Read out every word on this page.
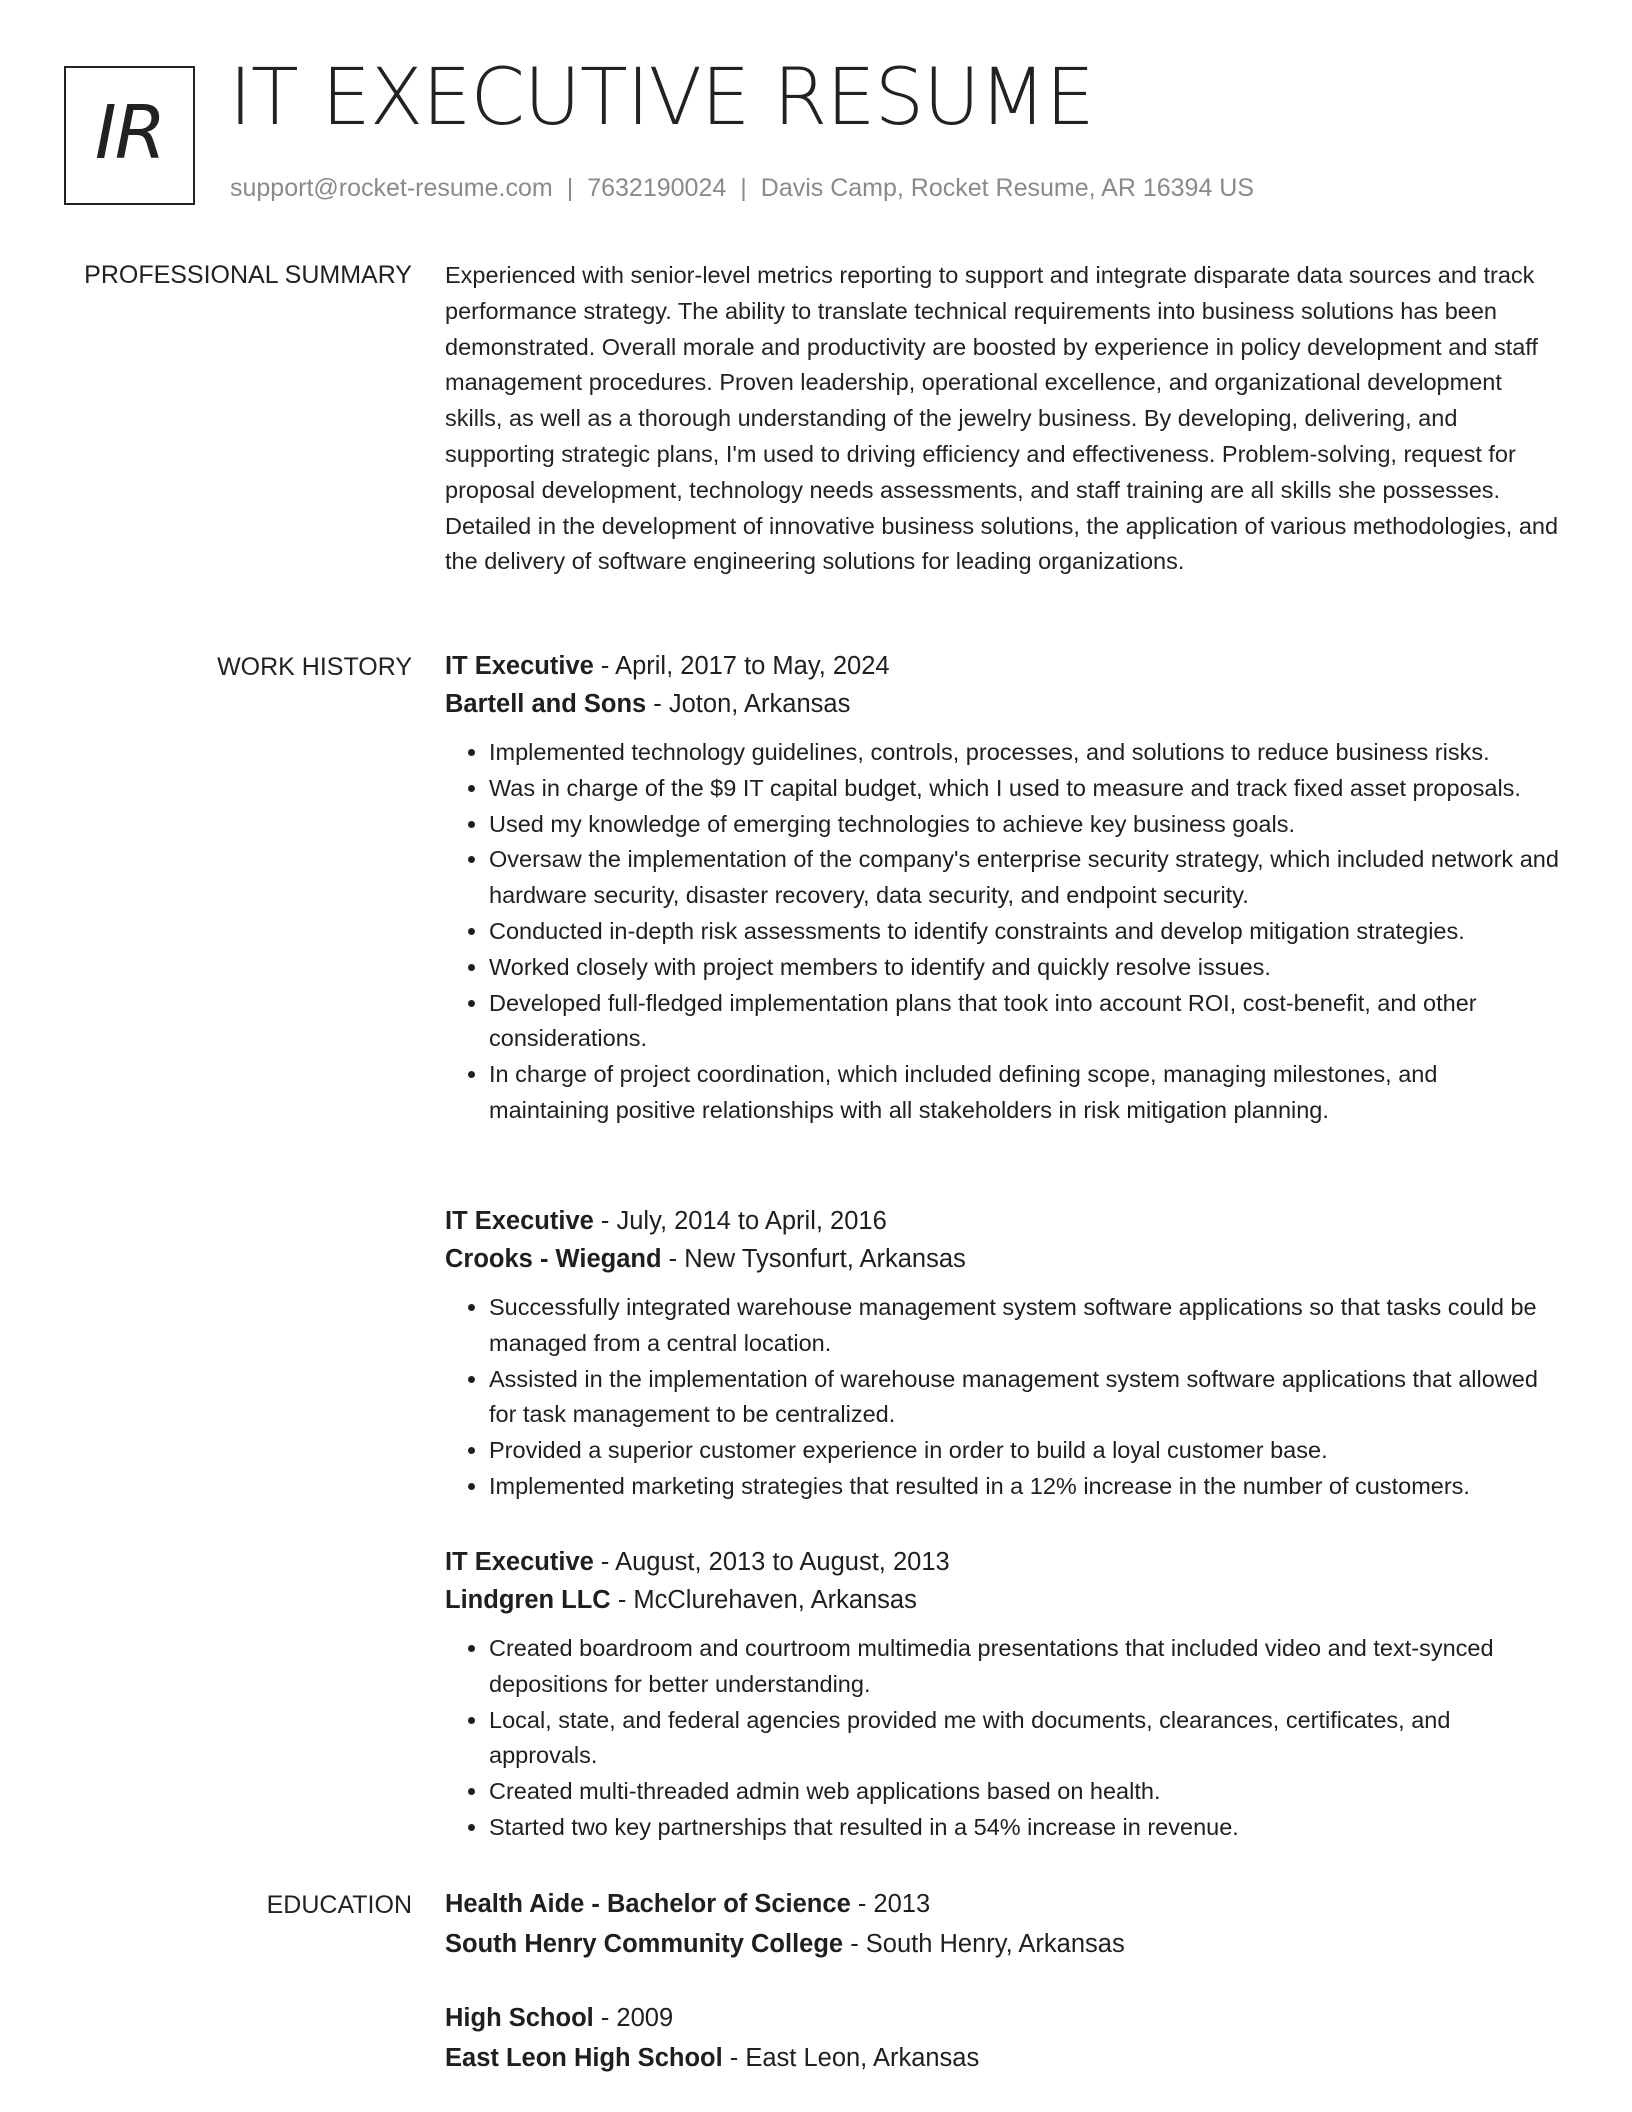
IR IT EXECUTIVE RESUME
support@rocket-resume.com | 7632190024 | Davis Camp, Rocket Resume, AR 16394 US
PROFESSIONAL SUMMARY Experienced with senior-level metrics reporting to support and integrate disparate data sources and track performance strategy. The ability to translate technical requirements into business solutions has been demonstrated. Overall morale and productivity are boosted by experience in policy development and staff management procedures. Proven leadership, operational excellence, and organizational development skills, as well as a thorough understanding of the jewelry business. By developing, delivering, and supporting strategic plans, I'm used to driving efficiency and effectiveness. Problem-solving, request for proposal development, technology needs assessments, and staff training are all skills she possesses. Detailed in the development of innovative business solutions, the application of various methodologies, and the delivery of software engineering solutions for leading organizations.
WORK HISTORY IT Executive - April, 2017 to May, 2024
Bartell and Sons - Joton, Arkansas
• Implemented technology guidelines, controls, processes, and solutions to reduce business risks.
• Was in charge of the $9 IT capital budget, which I used to measure and track fixed asset proposals.
• Used my knowledge of emerging technologies to achieve key business goals.
• Oversaw the implementation of the company's enterprise security strategy, which included network and hardware security, disaster recovery, data security, and endpoint security.
• Conducted in-depth risk assessments to identify constraints and develop mitigation strategies.
• Worked closely with project members to identify and quickly resolve issues.
• Developed full-fledged implementation plans that took into account ROI, cost-benefit, and other considerations.
• In charge of project coordination, which included defining scope, managing milestones, and maintaining positive relationships with all stakeholders in risk mitigation planning.
IT Executive - July, 2014 to April, 2016
Crooks - Wiegand - New Tysonfurt, Arkansas
• Successfully integrated warehouse management system software applications so that tasks could be managed from a central location.
• Assisted in the implementation of warehouse management system software applications that allowed for task management to be centralized.
• Provided a superior customer experience in order to build a loyal customer base.
• Implemented marketing strategies that resulted in a 12% increase in the number of customers.
IT Executive - August, 2013 to August, 2013
Lindgren LLC - McClurehaven, Arkansas
• Created boardroom and courtroom multimedia presentations that included video and text-synced depositions for better understanding.
• Local, state, and federal agencies provided me with documents, clearances, certificates, and approvals.
• Created multi-threaded admin web applications based on health.
• Started two key partnerships that resulted in a 54% increase in revenue.
EDUCATION Health Aide - Bachelor of Science - 2013
South Henry Community College - South Henry, Arkansas
High School - 2009
East Leon High School - East Leon, Arkansas
